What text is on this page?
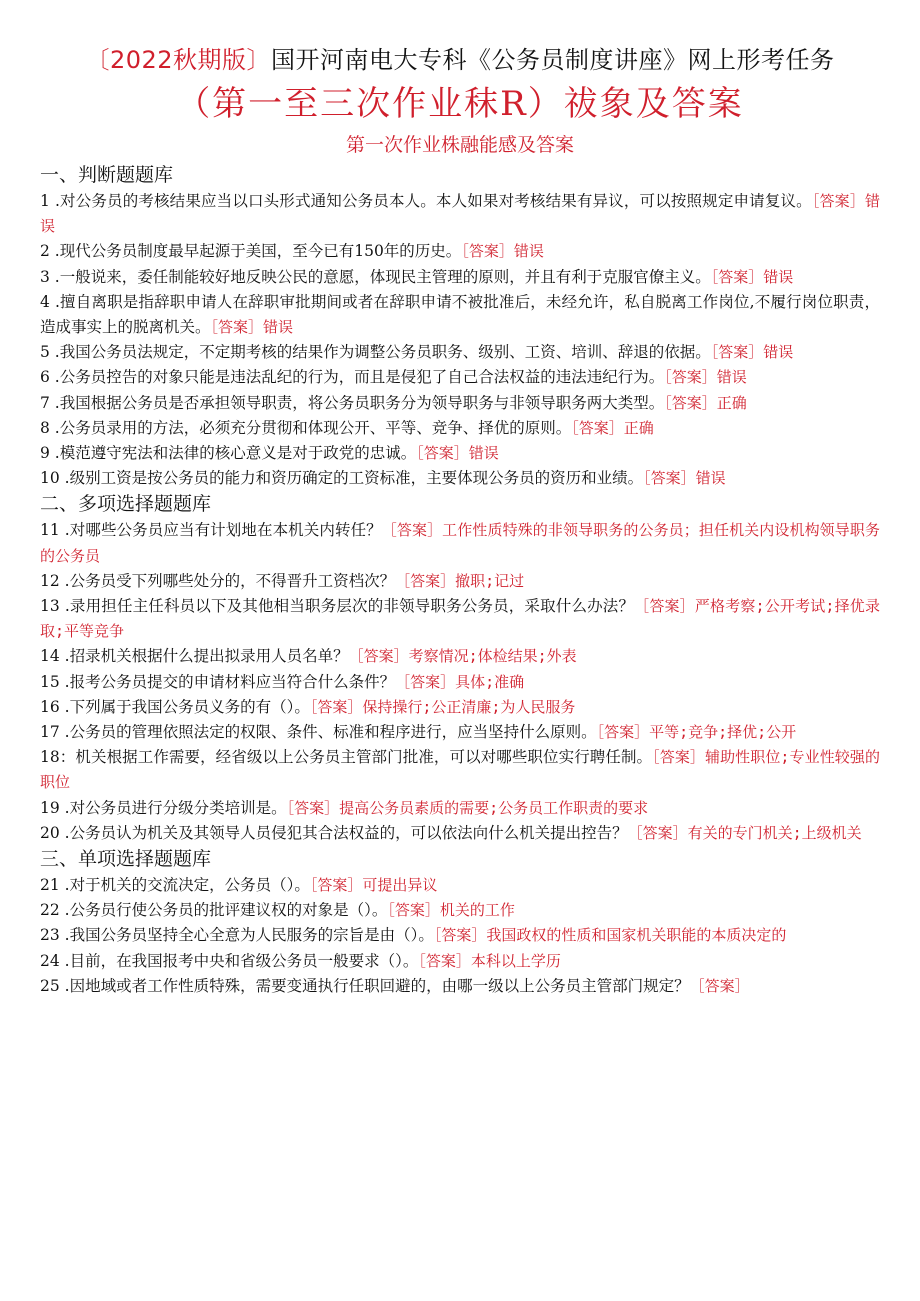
〔2022秋期版〕国开河南电大专科《公务员制度讲座》网上形考任务
（第一至三次作业秣R）祓象及答案
第一次作业株融能感及答案
一、判断题题库
1 .对公务员的考核结果应当以口头形式通知公务员本人。本人如果对考核结果有异议，可以按照规定申请复议。［答案］错误
2 .现代公务员制度最早起源于美国，至今已有150年的历史。［答案］错误
3 .一般说来，委任制能较好地反映公民的意愿，体现民主管理的原则，并且有利于克服官僚主义。［答案］错误
4 .擅自离职是指辞职申请人在辞职审批期间或者在辞职申请不被批准后，未经允许，私自脱离工作岗位,不履行岗位职责，造成事实上的脱离机关。［答案］错误
5 .我国公务员法规定，不定期考核的结果作为调整公务员职务、级别、工资、培训、辞退的依据。［答案］错误
6 .公务员控告的对象只能是违法乱纪的行为，而且是侵犯了自己合法权益的违法违纪行为。［答案］错误
7 .我国根据公务员是否承担领导职责，将公务员职务分为领导职务与非领导职务两大类型。［答案］正确
8 .公务员录用的方法，必须充分贯彻和体现公开、平等、竞争、择优的原则。［答案］正确
9 .模范遵守宪法和法律的核心意义是对于政党的忠诚。［答案］错误
10 .级别工资是按公务员的能力和资历确定的工资标准，主要体现公务员的资历和业绩。［答案］错误
二、多项选择题题库
11 .对哪些公务员应当有计划地在本机关内转任？［答案］工作性质特殊的非领导职务的公务员；担任机关内设机构领导职务的公务员
12 .公务员受下列哪些处分的，不得晋升工资档次？［答案］撤职;记过
13 .录用担任主任科员以下及其他相当职务层次的非领导职务公务员，采取什么办法？［答案］严格考察;公开考试;择优录取;平等竞争
14 .招录机关根据什么提出拟录用人员名单？［答案］考察情况;体检结果;外表
15 .报考公务员提交的申请材料应当符合什么条件？［答案］具体;准确
16 .下列属于我国公务员义务的有（）。［答案］保持操行;公正清廉;为人民服务
17 .公务员的管理依照法定的权限、条件、标准和程序进行，应当坚持什么原则。［答案］平等;竞争;择优;公开
18：机关根据工作需要，经省级以上公务员主管部门批准，可以对哪些职位实行聘任制。［答案］辅助性职位;专业性较强的职位
19 .对公务员进行分级分类培训是。［答案］提高公务员素质的需要;公务员工作职责的要求
20 .公务员认为机关及其领导人员侵犯其合法权益的，可以依法向什么机关提出控告？［答案］有关的专门机关;上级机关
三、单项选择题题库
21 .对于机关的交流决定，公务员（）。［答案］可提出异议
22 .公务员行使公务员的批评建议权的对象是（）。［答案］机关的工作
23 .我国公务员坚持全心全意为人民服务的宗旨是由（）。［答案］我国政权的性质和国家机关职能的本质决定的
24 .目前，在我国报考中央和省级公务员一般要求（）。［答案］本科以上学历
25 .因地域或者工作性质特殊，需要变通执行任职回避的，由哪一级以上公务员主管部门规定？［答案］
